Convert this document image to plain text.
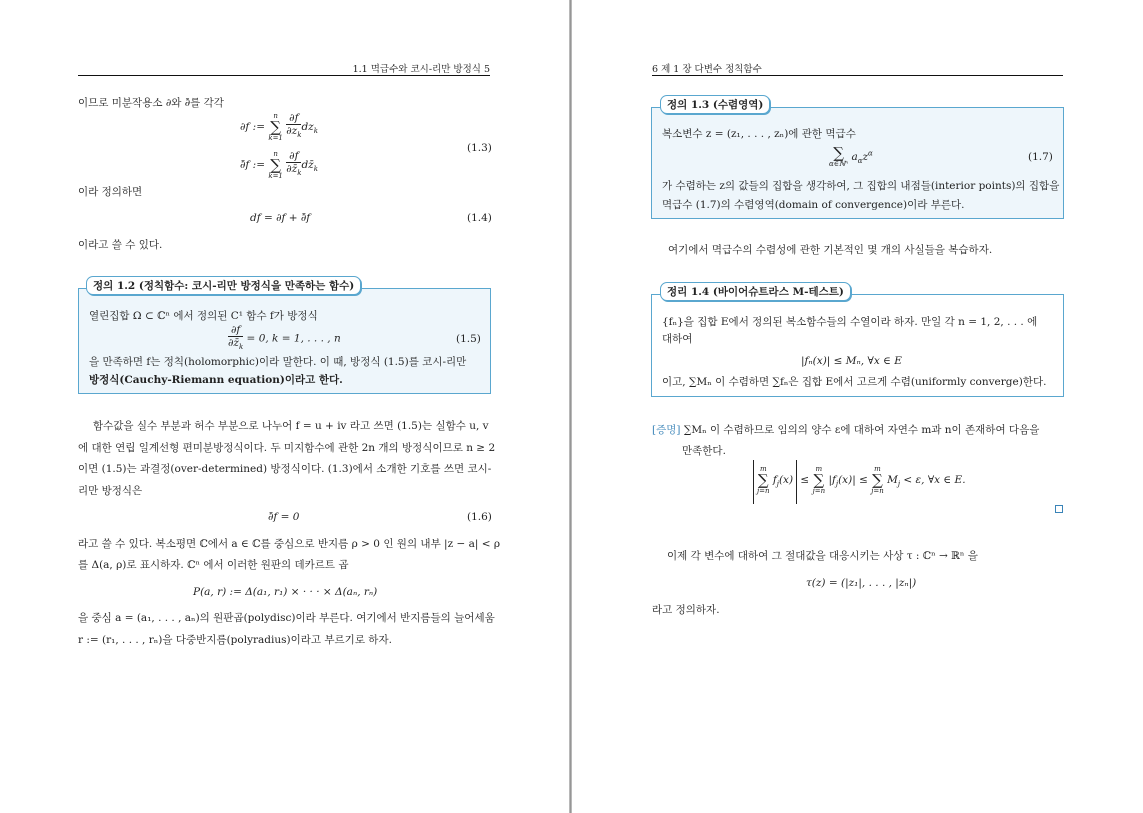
1.1 멱급수와 코시-리만 방정식 5
이므로 미분작용소 ∂와 ∂̄를 각각
∂f :=
n
∑
k=1
$\frac{\partial f}{\partial z_k} dz_k$
∂̄f :=
n
∑
k=1
$\frac{\partial f}{\partial z̄_k}$ $dz̄_k$
(1.3)
이라 정의하면
df = ∂f + ∂̄f	(1.4)
이라고 쓸 수 있다.
정의 1.2 (정칙함수: 코시-리만 방정식을 만족하는 함수)
열린집합 Ω ⊂ ℂⁿ 에서 정의된 C¹ 함수 f가 방정식
$\frac{\partial f}{\partial z̄_k} = 0$, k = 1, . . . , n	(1.5)
을 만족하면 f는 정칙(holomorphic)이라 말한다. 이 때, 방정식 (1.5)를 코시-리만
방정식(Cauchy-Riemann equation)이라고 한다.
함수값을 실수 부분과 허수 부분으로 나누어 f = u + iv 라고 쓰면 (1.5)는 실함수 u, v
에 대한 연립 일계선형 편미분방정식이다. 두 미지함수에 관한 2n 개의 방정식이므로 n ≥ 2
이면 (1.5)는 과결정(over-determined) 방정식이다. (1.3)에서 소개한 기호를 쓰면 코시-
리만 방정식은
∂̄f = 0	(1.6)
라고 쓸 수 있다. 복소평면 ℂ에서 a ∈ ℂ를 중심으로 반지름 ρ > 0 인 원의 내부 |z − a| < ρ
를 Δ(a, ρ)로 표시하자. ℂⁿ 에서 이러한 원판의 데카르트 곱
P(a, r) := Δ(a₁, r₁) × · · · × Δ(aₙ, rₙ)
을 중심 a = (a₁, . . . , aₙ)의 원판곱(polydisc)이라 부른다. 여기에서 반지름들의 늘어세움
r := (r₁, . . . , rₙ)을 다중반지름(polyradius)이라고 부르기로 하자.
6 제 1 장 다변수 정칙함수
정의 1.3 (수렴영역)
복소변수 z = (z₁, . . . , zₙ)에 관한 멱급수
∑
α∈ℕⁿ
$a_\alpha z^\alpha$	(1.7)
가 수렴하는 z의 값들의 집합을 생각하여, 그 집합의 내점들(interior points)의 집합을
멱급수 (1.7)의 수렴영역(domain of convergence)이라 부른다.
여기에서 멱급수의 수렴성에 관한 기본적인 몇 개의 사실들을 복습하자.
정리 1.4 (바이어슈트라스 M-테스트)
{fₙ}을 집합 E에서 정의된 복소함수들의 수열이라 하자. 만일 각 n = 1, 2, . . . 에
대하여
|fₙ(x)| ≤ Mₙ, ∀x ∈ E
이고, ∑Mₙ 이 수렴하면 ∑fₙ은 집합 E에서 고르게 수렴(uniformly converge)한다.
[증명] ∑Mₙ 이 수렴하므로 임의의 양수 ε에 대하여 자연수 m과 n이 존재하여 다음을
만족한다.
m
∑
j=n
$f_j(x)$ ≤
m
∑
j=n
$|f_j(x)|$ ≤
m
∑
j=n
$M_j < \varepsilon$, ∀x ∈ E.
이제 각 변수에 대하여 그 절대값을 대응시키는 사상 τ : ℂⁿ → ℝⁿ 을
τ(z) = (|z₁|, . . . , |zₙ|)
라고 정의하자.
